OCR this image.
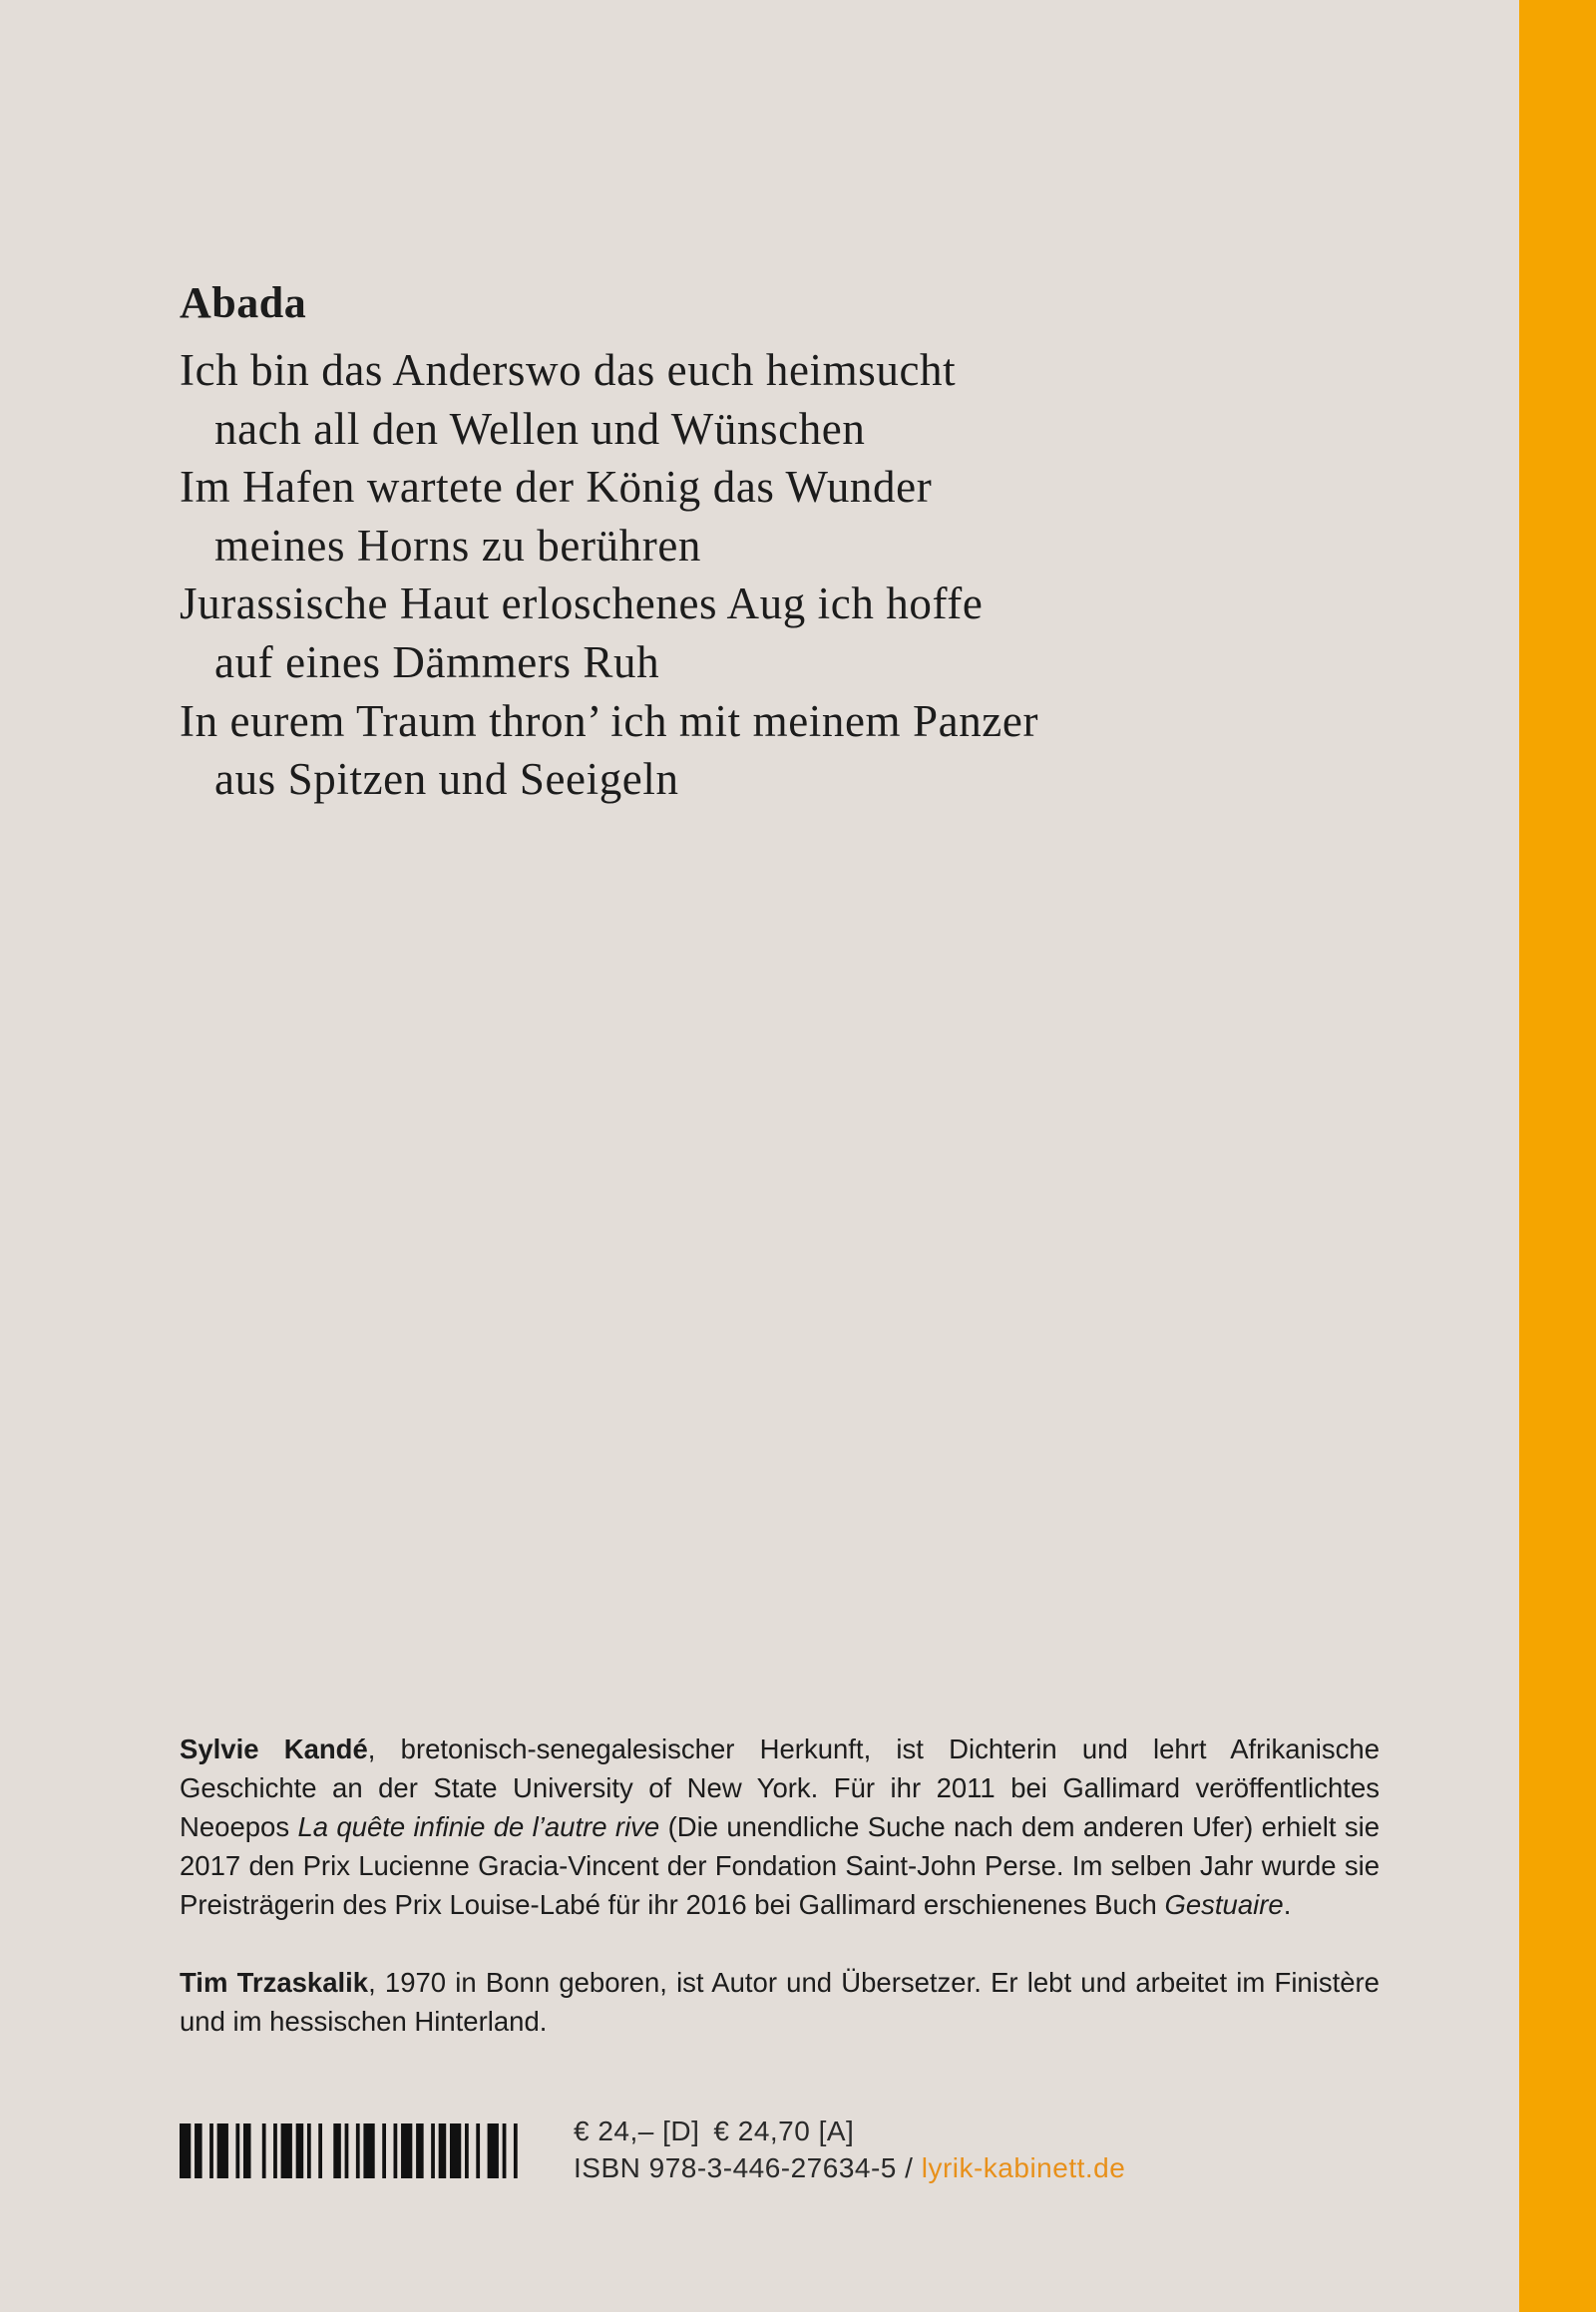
Abada
Ich bin das Anderswo das euch heimsucht
nach all den Wellen und Wünschen
Im Hafen wartete der König das Wunder
meines Horns zu berühren
Jurassische Haut erloschenes Aug ich hoffe
auf eines Dämmers Ruh
In eurem Traum thron’ ich mit meinem Panzer
aus Spitzen und Seeigeln

Sylvie Kandé, bretonisch-senegalesischer Herkunft, ist Dichterin und lehrt Afrikanische Geschichte an der State University of New York. Für ihr 2011 bei Gallimard veröffentlichtes Neoepos La quête infinie de l’autre rive (Die unendliche Suche nach dem anderen Ufer) erhielt sie 2017 den Prix Lucienne Gracia-Vincent der Fondation Saint-John Perse. Im selben Jahr wurde sie Preisträgerin des Prix Louise-Labé für ihr 2016 bei Gallimard erschienenes Buch Gestuaire.

Tim Trzaskalik, 1970 in Bonn geboren, ist Autor und Übersetzer. Er lebt und arbeitet im Finistère und im hessischen Hinterland.

€ 24,– [D] € 24,70 [A]
ISBN 978-3-446-27634-5 / lyrik-kabinett.de
